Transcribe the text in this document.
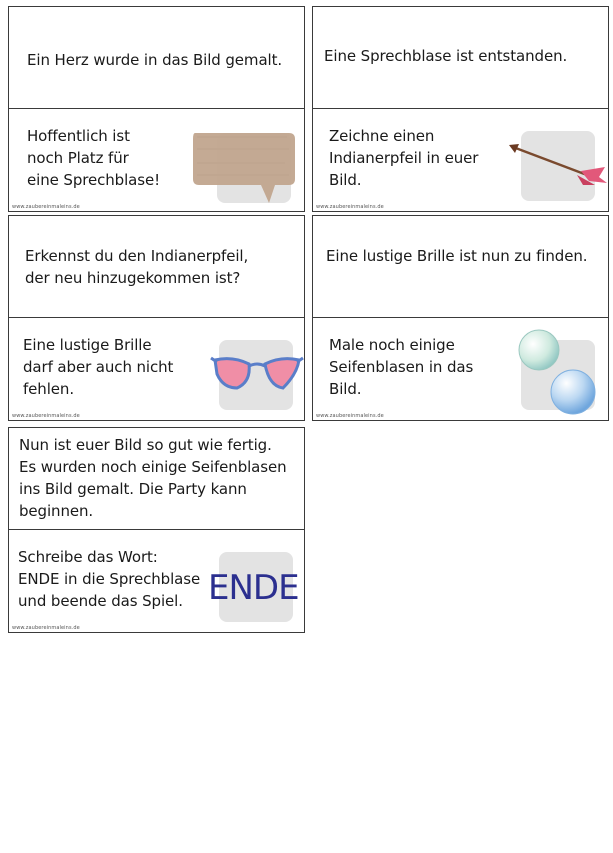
Ein Herz wurde in das Bild gemalt.
Hoffentlich ist
noch Platz für
eine Sprechblase!
www.zaubereinmaleins.de
Eine Sprechblase ist entstanden.
Zeichne einen
Indianerpfeil in euer
Bild.
www.zaubereinmaleins.de
Erkennst du den Indianerpfeil,
der neu hinzugekommen ist?
Eine lustige Brille
darf aber auch nicht
fehlen.
www.zaubereinmaleins.de
Eine lustige Brille ist nun zu finden.
Male noch einige
Seifenblasen in das
Bild.
www.zaubereinmaleins.de
Nun ist euer Bild so gut wie fertig.
Es wurden noch einige Seifenblasen
ins Bild gemalt. Die Party kann
beginnen.
Schreibe das Wort:
ENDE in die Sprechblase
und beende das Spiel. ENDE
www.zaubereinmaleins.de
